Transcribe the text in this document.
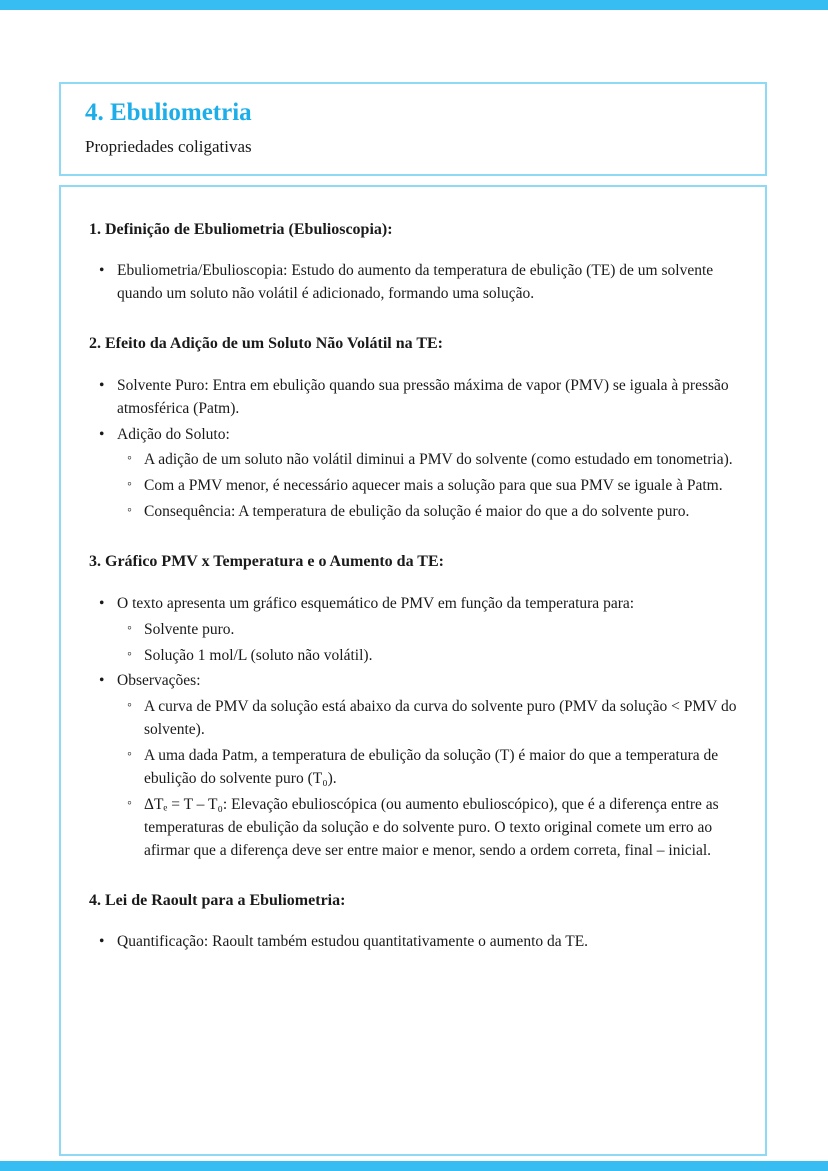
4. Ebuliometria
Propriedades coligativas
1. Definição de Ebuliometria (Ebulioscopia):
• Ebuliometria/Ebulioscopia: Estudo do aumento da temperatura de ebulição (TE) de um solvente quando um soluto não volátil é adicionado, formando uma solução.
2. Efeito da Adição de um Soluto Não Volátil na TE:
• Solvente Puro: Entra em ebulição quando sua pressão máxima de vapor (PMV) se iguala à pressão atmosférica (Patm).
• Adição do Soluto:
◦ A adição de um soluto não volátil diminui a PMV do solvente (como estudado em tonometria).
◦ Com a PMV menor, é necessário aquecer mais a solução para que sua PMV se iguale à Patm.
◦ Consequência: A temperatura de ebulição da solução é maior do que a do solvente puro.
3. Gráfico PMV x Temperatura e o Aumento da TE:
• O texto apresenta um gráfico esquemático de PMV em função da temperatura para:
◦ Solvente puro.
◦ Solução 1 mol/L (soluto não volátil).
• Observações:
◦ A curva de PMV da solução está abaixo da curva do solvente puro (PMV da solução < PMV do solvente).
◦ A uma dada Patm, a temperatura de ebulição da solução (T) é maior do que a temperatura de ebulição do solvente puro (T₀).
◦ ΔTₑ = T – T₀: Elevação ebulioscópica (ou aumento ebulioscópico), que é a diferença entre as temperaturas de ebulição da solução e do solvente puro. O texto original comete um erro ao afirmar que a diferença deve ser entre maior e menor, sendo a ordem correta, final – inicial.
4. Lei de Raoult para a Ebuliometria:
• Quantificação: Raoult também estudou quantitativamente o aumento da TE.
